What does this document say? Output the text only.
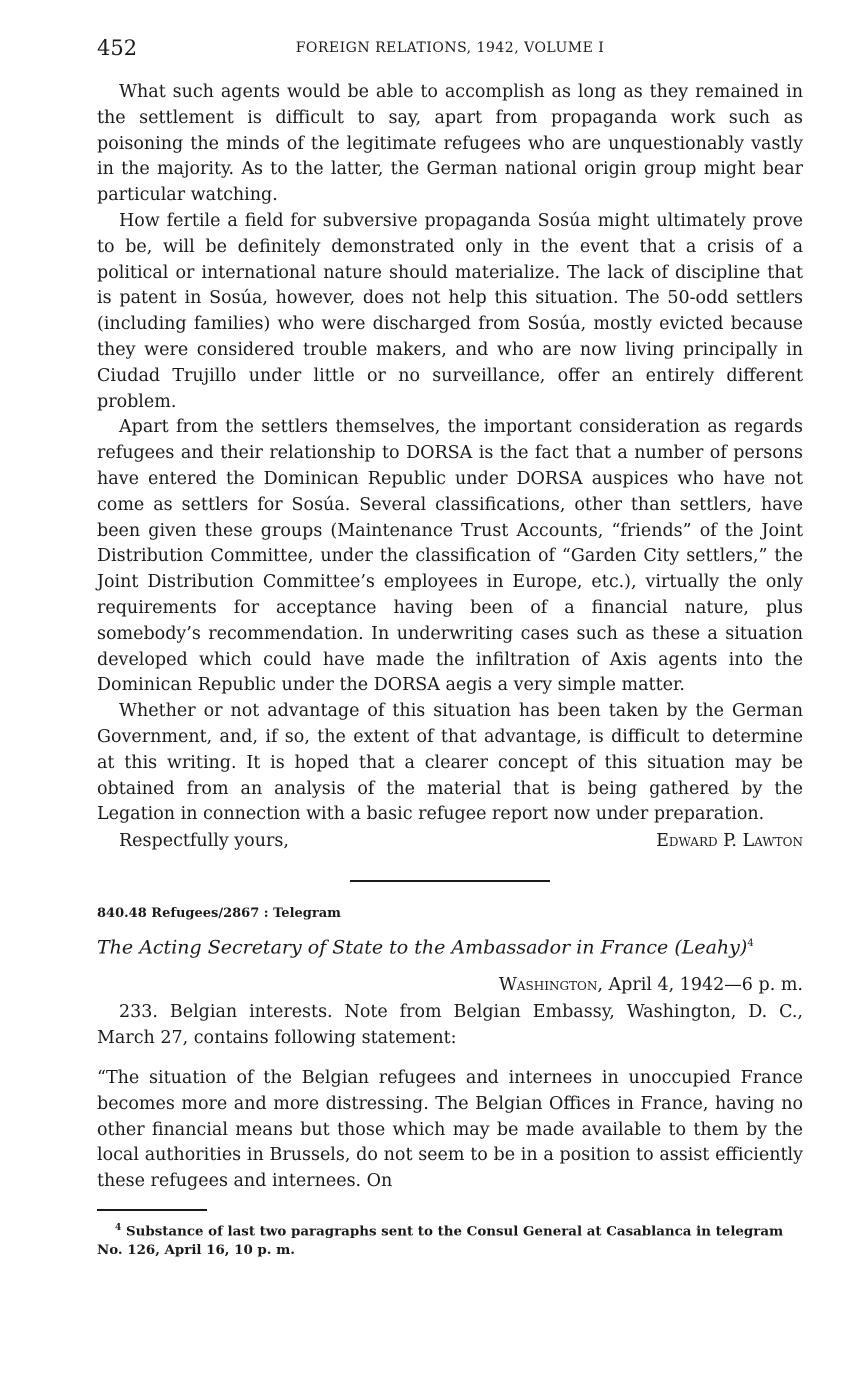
452	FOREIGN RELATIONS, 1942, VOLUME I

What such agents would be able to accomplish as long as they remained in the settlement is difficult to say, apart from propaganda work such as poisoning the minds of the legitimate refugees who are unquestionably vastly in the majority. As to the latter, the German national origin group might bear particular watching.

How fertile a field for subversive propaganda Sosúa might ultimately prove to be, will be definitely demonstrated only in the event that a crisis of a political or international nature should materialize. The lack of discipline that is patent in Sosúa, however, does not help this situation. The 50-odd settlers (including families) who were discharged from Sosúa, mostly evicted because they were considered trouble makers, and who are now living principally in Ciudad Trujillo under little or no surveillance, offer an entirely different problem.

Apart from the settlers themselves, the important consideration as regards refugees and their relationship to DORSA is the fact that a number of persons have entered the Dominican Republic under DORSA auspices who have not come as settlers for Sosúa. Several classifications, other than settlers, have been given these groups (Maintenance Trust Accounts, “friends” of the Joint Distribution Committee, under the classification of “Garden City settlers,” the Joint Distribution Committee’s employees in Europe, etc.), virtually the only requirements for acceptance having been of a financial nature, plus somebody’s recommendation. In underwriting cases such as these a situation developed which could have made the infiltration of Axis agents into the Dominican Republic under the DORSA aegis a very simple matter.

Whether or not advantage of this situation has been taken by the German Government, and, if so, the extent of that advantage, is difficult to determine at this writing. It is hoped that a clearer concept of this situation may be obtained from an analysis of the material that is being gathered by the Legation in connection with a basic refugee report now under preparation.

Respectfully yours,	Edward P. Lawton
840.48 Refugees/2867 : Telegram
The Acting Secretary of State to the Ambassador in France (Leahy)$^4$
Washington, April 4, 1942—6 p. m.

233. Belgian interests. Note from Belgian Embassy, Washington, D. C., March 27, contains following statement:

“The situation of the Belgian refugees and internees in unoccupied France becomes more and more distressing. The Belgian Offices in France, having no other financial means but those which may be made available to them by the local authorities in Brussels, do not seem to be in a position to assist efficiently these refugees and internees. On

$^4$ Substance of last two paragraphs sent to the Consul General at Casablanca in telegram No. 126, April 16, 10 p. m.
